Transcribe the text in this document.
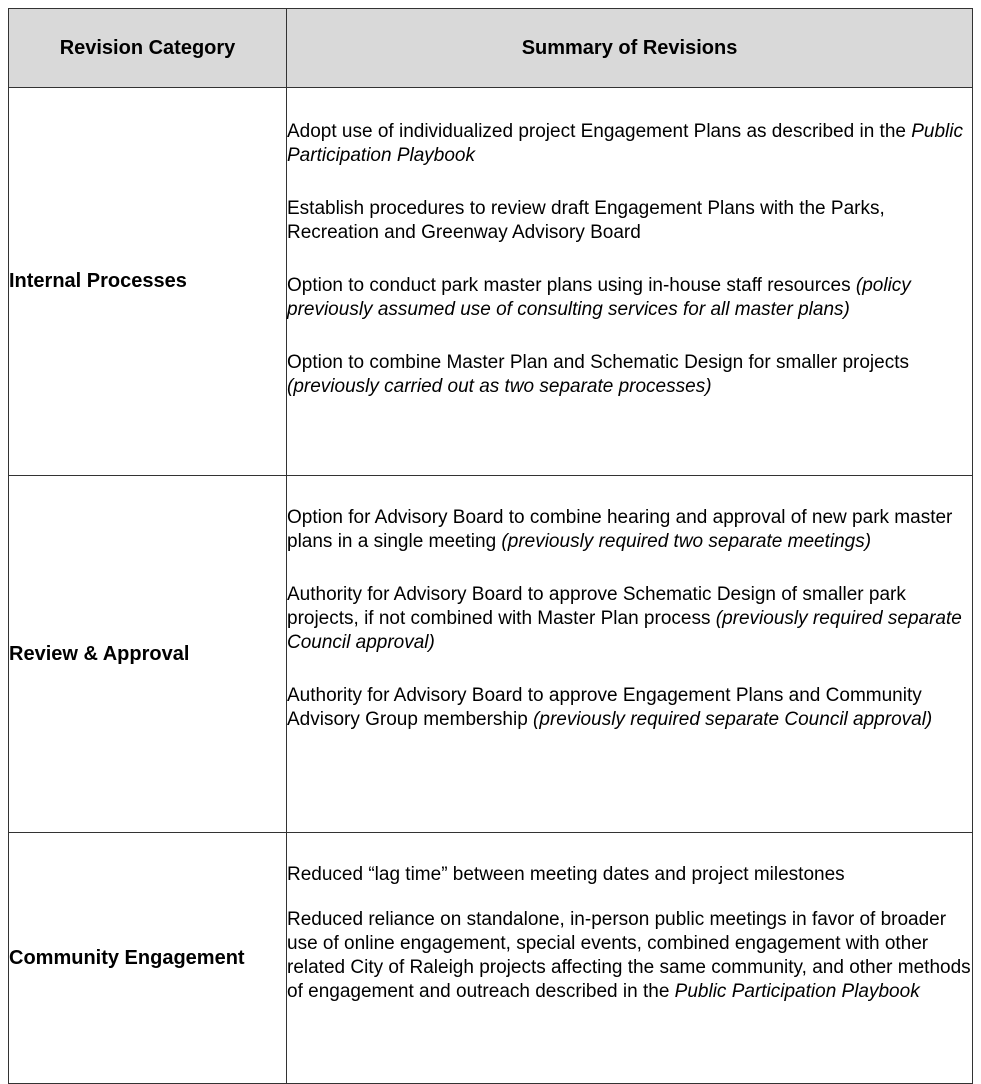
Revision Category	Summary of Revisions
Internal Processes	Adopt use of individualized project Engagement Plans as described in the Public Participation Playbook

Establish procedures to review draft Engagement Plans with the Parks, Recreation and Greenway Advisory Board

Option to conduct park master plans using in-house staff resources (policy previously assumed use of consulting services for all master plans)

Option to combine Master Plan and Schematic Design for smaller projects (previously carried out as two separate processes)

Review & Approval	Option for Advisory Board to combine hearing and approval of new park master plans in a single meeting (previously required two separate meetings)

Authority for Advisory Board to approve Schematic Design of smaller park projects, if not combined with Master Plan process (previously required separate Council approval)

Authority for Advisory Board to approve Engagement Plans and Community Advisory Group membership (previously required separate Council approval)

Community Engagement	Reduced “lag time” between meeting dates and project milestones

Reduced reliance on standalone, in-person public meetings in favor of broader use of online engagement, special events, combined engagement with other related City of Raleigh projects affecting the same community, and other methods of engagement and outreach described in the Public Participation Playbook
